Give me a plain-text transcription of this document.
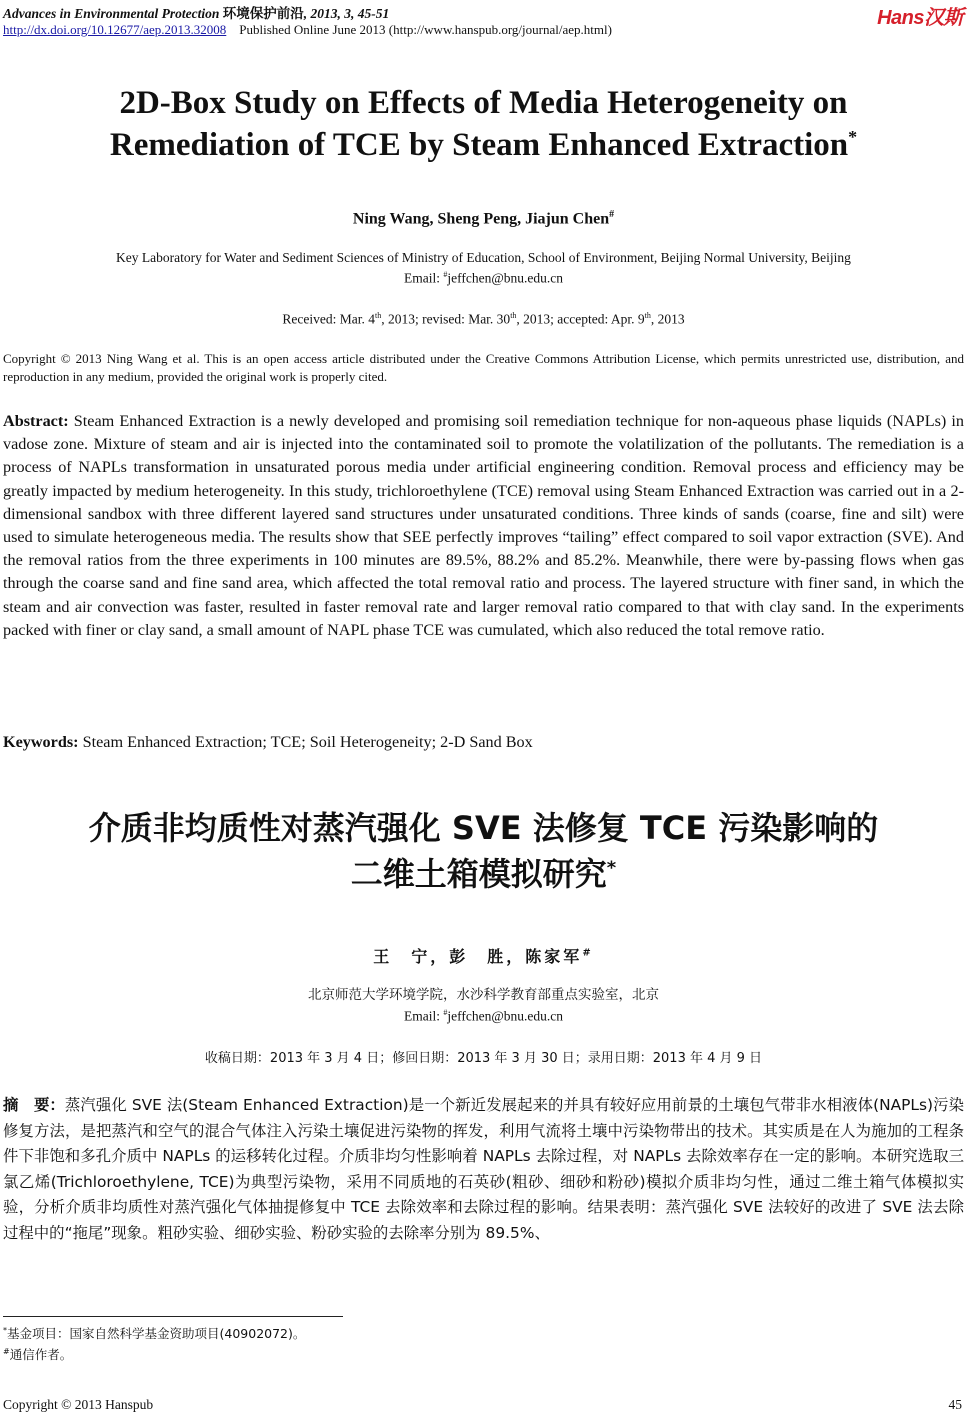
Advances in Environmental Protection 环境保护前沿, 2013, 3, 45-51
http://dx.doi.org/10.12677/aep.2013.32008 Published Online June 2013 (http://www.hanspub.org/journal/aep.html)
Hans汉斯
2D-Box Study on Effects of Media Heterogeneity on
Remediation of TCE by Steam Enhanced Extraction*
Ning Wang, Sheng Peng, Jiajun Chen#
Key Laboratory for Water and Sediment Sciences of Ministry of Education, School of Environment, Beijing Normal University, Beijing
Email: #jeffchen@bnu.edu.cn
Received: Mar. 4th, 2013; revised: Mar. 30th, 2013; accepted: Apr. 9th, 2013
Copyright © 2013 Ning Wang et al. This is an open access article distributed under the Creative Commons Attribution License, which permits unrestricted use, distribution, and reproduction in any medium, provided the original work is properly cited.
Abstract: Steam Enhanced Extraction is a newly developed and promising soil remediation technique for non-aqueous phase liquids (NAPLs) in vadose zone. Mixture of steam and air is injected into the contaminated soil to promote the volatilization of the pollutants. The remediation is a process of NAPLs transformation in unsaturated porous media under artificial engineering condition. Removal process and efficiency may be greatly impacted by medium heterogeneity. In this study, trichloroethylene (TCE) removal using Steam Enhanced Extraction was carried out in a 2-dimensional sandbox with three different layered sand structures under unsaturated conditions. Three kinds of sands (coarse, fine and silt) were used to simulate heterogeneous media. The results show that SEE perfectly improves “tailing” effect compared to soil vapor extraction (SVE). And the removal ratios from the three experiments in 100 minutes are 89.5%, 88.2% and 85.2%. Meanwhile, there were by-passing flows when gas through the coarse sand and fine sand area, which affected the total removal ratio and process. The layered structure with finer sand, in which the steam and air convection was faster, resulted in faster removal rate and larger removal ratio compared to that with clay sand. In the experiments packed with finer or clay sand, a small amount of NAPL phase TCE was cumulated, which also reduced the total remove ratio.
Keywords: Steam Enhanced Extraction; TCE; Soil Heterogeneity; 2-D Sand Box
介质非均质性对蒸汽强化 SVE 法修复 TCE 污染影响的
二维土箱模拟研究*
王　宁，彭　胜，陈家军#
北京师范大学环境学院，水沙科学教育部重点实验室，北京
Email: #jeffchen@bnu.edu.cn
收稿日期：2013 年 3 月 4 日；修回日期：2013 年 3 月 30 日；录用日期：2013 年 4 月 9 日
摘　要：蒸汽强化 SVE 法(Steam Enhanced Extraction)是一个新近发展起来的并具有较好应用前景的土壤包气带非水相液体(NAPLs)污染修复方法，是把蒸汽和空气的混合气体注入污染土壤促进污染物的挥发，利用气流将土壤中污染物带出的技术。其实质是在人为施加的工程条件下非饱和多孔介质中 NAPLs 的运移转化过程。介质非均匀性影响着 NAPLs 去除过程，对 NAPLs 去除效率存在一定的影响。本研究选取三氯乙烯(Trichloroethylene, TCE)为典型污染物，采用不同质地的石英砂(粗砂、细砂和粉砂)模拟介质非均匀性，通过二维土箱气体模拟实验，分析介质非均质性对蒸汽强化气体抽提修复中 TCE 去除效率和去除过程的影响。结果表明：蒸汽强化 SVE 法较好的改进了 SVE 法去除过程中的“拖尾”现象。粗砂实验、细砂实验、粉砂实验的去除率分别为 89.5%、
*基金项目：国家自然科学基金资助项目(40902072)。
#通信作者。
Copyright © 2013 Hanspub	45
